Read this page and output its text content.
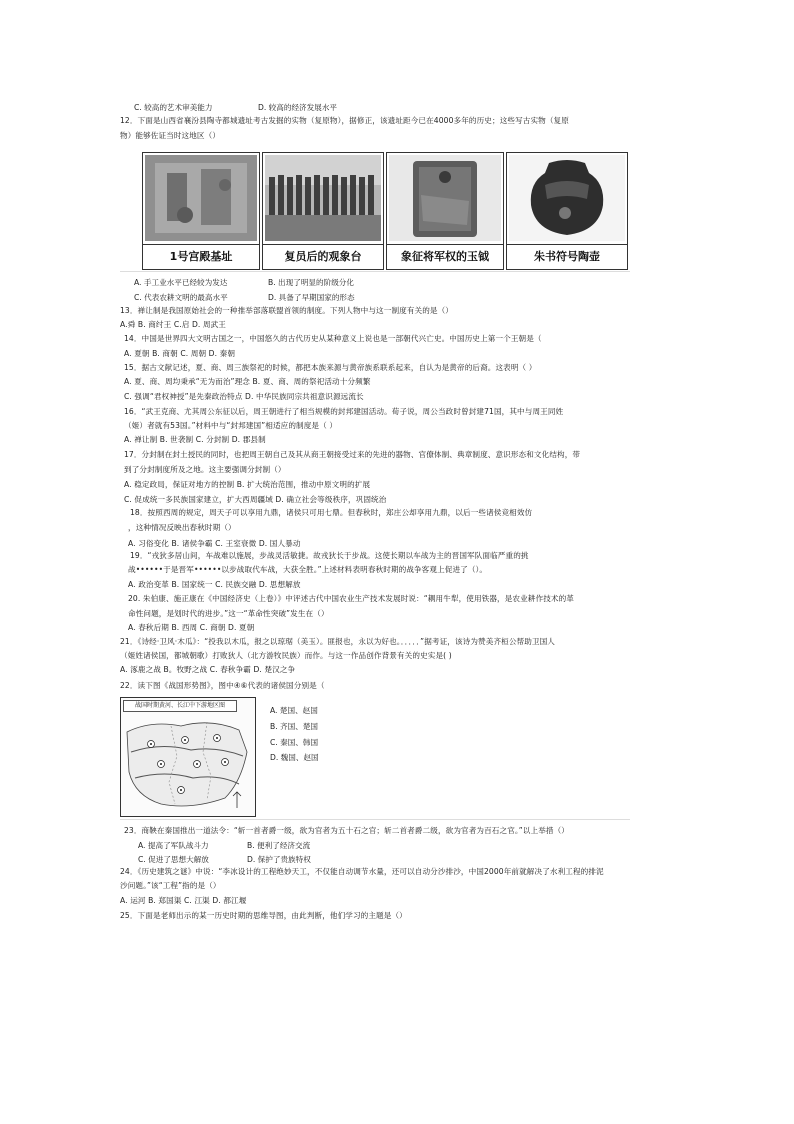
C. 较高的艺术审美能力	D. 较高的经济发展水平
12．下面是山西省襄汾县陶寺都城遗址考古发掘的实物（复原物），据修正，该遗址距今已在4000多年的历史；这些写古实物（复原
物）能够佐证当时这地区（）
1号宫殿基址	复员后的观象台	象征将军权的玉钺	朱书符号陶壶
A. 手工业水平已经较为发达	B. 出现了明显的阶级分化
C. 代表农耕文明的最高水平	D. 具备了早期国家的形态
13．禅让制是我国原始社会的一种推举部落联盟首领的制度。下列人物中与这一制度有关的是（）
A.舜 B. 商纣王 C.启 D. 周武王
14．中国是世界四大文明古国之一，中国悠久的古代历史从某种意义上说也是一部朝代兴亡史。中国历史上第一个王朝是（
A. 夏朝 B. 商朝 C. 周朝 D. 秦朝
15．据古文献记述，夏、商、周三族祭祀的时候，都把本族来源与黄帝族系联系起来，自认为是黄帝的后裔。这表明（ ）
A. 夏、商、周均秉承“无为而治”理念 B. 夏、商、周的祭祀活动十分频繁
C. 强调“君权神授”是先秦政治特点 D. 中华民族同宗共祖意识源远流长
16．“武王克商、尤其周公东征以后，周王朝进行了相当规模的封邦建国活动。荀子说，周公当政时曾封建71国，其中与周王同姓
（姬）者就有53国。”材料中与“封邦建国”相适应的制度是（ ）
A. 禅让制 B. 世袭制 C. 分封制 D. 郡县制
17．分封制在封土授民的同时，也把周王朝自己及其从商王朝接受过来的先进的器物、官僚体制、典章制度、意识形态和文化结构，带
到了分封制度所及之地。这主要强调分封制（）
A. 稳定政局，保证对地方的控制 B. 扩大统治范围，推动中原文明的扩展
C. 促成统一多民族国家建立，扩大西周疆域 D. 确立社会等级秩序，巩固统治
18．按照西周的规定，周天子可以享用九鼎，诸侯只可用七鼎。但春秋时，郑庄公却享用九鼎，以后一些诸侯竞相效仿
，这种情况反映出春秋时期（）
A. 习俗变化 B. 诸侯争霸 C. 王室衰微 D. 国人暴动
19．“戎狄多居山间，车战难以施展，步战灵活敏捷。故戎狄长于步战。这使长期以车战为主的晋国军队面临严重的挑
战••••••于是晋军••••••以步战取代车战，大获全胜。”上述材料表明春秋时期的战争客观上促进了（）。
A. 政治变革 B. 国家统一 C. 民族交融 D. 思想解放
20. 朱伯康、施正康在《中国经济史（上卷）》中评述古代中国农业生产技术发展时说：“耦用牛犁，使用铁器，是农业耕作技术的革
命性问题，是划时代的进步。”这一“革命性突破”发生在（）
A. 春秋后期 B. 西周 C. 商朝 D. 夏朝
21．《诗经·卫风·木瓜》：“投我以木瓜，报之以琼琚（美玉）。匪报也，永以为好也。．．．．．”据考证，该诗为赞美齐桓公帮助卫国人
（姬姓诸侯国，都城朝歌）打败狄人（北方游牧民族）而作。与这一作品创作背景有关的史实是( )
A. 涿鹿之战 B。牧野之战 C. 春秋争霸 D. 楚汉之争
22．读下图《战国形势图》，图中④⑥代表的诸侯国分别是（
战国时期黄河、长江中下游地区图
A. 楚国、赵国
B. 齐国、楚国
C. 秦国、韩国
D. 魏国、赵国
23．商鞅在秦国推出一道法令：“斩一首者爵一级，欲为官者为五十石之官；斩二首者爵二级，欲为官者为百石之官。”以上举措（）
A. 提高了军队战斗力	B. 便利了经济交流
C. 促进了思想大解放	D. 保护了贵族特权
24．《历史建筑之谜》中说：“李冰设计的工程绝妙天工，不仅能自动调节水量，还可以自动分沙排沙，中国2000年前就解决了水利工程的排泥
沙问题。”该“工程”指的是（）
A. 运河 B. 郑国渠 C. 江渠 D. 都江堰
25．下面是老师出示的某一历史时期的思维导图，由此判断，他们学习的主题是（）
